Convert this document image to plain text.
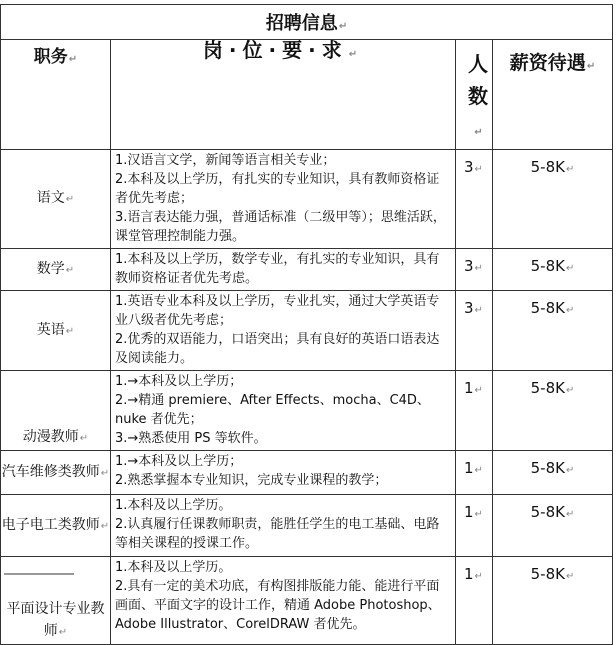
招聘信息↵			
职务↵	岗·位·要·求↵	人数↵	薪资待遇↵
语文↵	1.汉语言文学，新闻等语言相关专业；
2.本科及以上学历，有扎实的专业知识，具有教师资格证者优先考虑；
3.语言表达能力强，普通话标准（二级甲等）；思维活跃，课堂管理控制能力强。	3↵	5-8K↵
数学↵	1.本科及以上学历，数学专业，有扎实的专业知识，具有教师资格证者优先考虑。	3↵	5-8K↵
英语↵	1.英语专业本科及以上学历，专业扎实，通过大学英语专业八级者优先考虑；
2.优秀的双语能力，口语突出；具有良好的英语口语表达及阅读能力。	3↵	5-8K↵
动漫教师↵	1.→本科及以上学历；
2.→精通 premiere、After Effects、mocha、C4D、nuke 者优先；
3.→熟悉使用 PS 等软件。	1↵	5-8K↵
汽车维修类教师↵	1.→本科及以上学历；
2.熟悉掌握本专业知识，完成专业课程的教学；	1↵	5-8K↵
电子电工类教师↵	1.本科及以上学历。
2.认真履行任课教师职责，能胜任学生的电工基础、电路等相关课程的授课工作。	1↵	5-8K↵
平面设计专业教师↵	1.本科及以上学历。
2.具有一定的美术功底，有构图排版能力能、能进行平面画面、平面文字的设计工作，精通 Adobe Photoshop、Adobe Illustrator、CorelDRAW 者优先。	1↵	5-8K↵
